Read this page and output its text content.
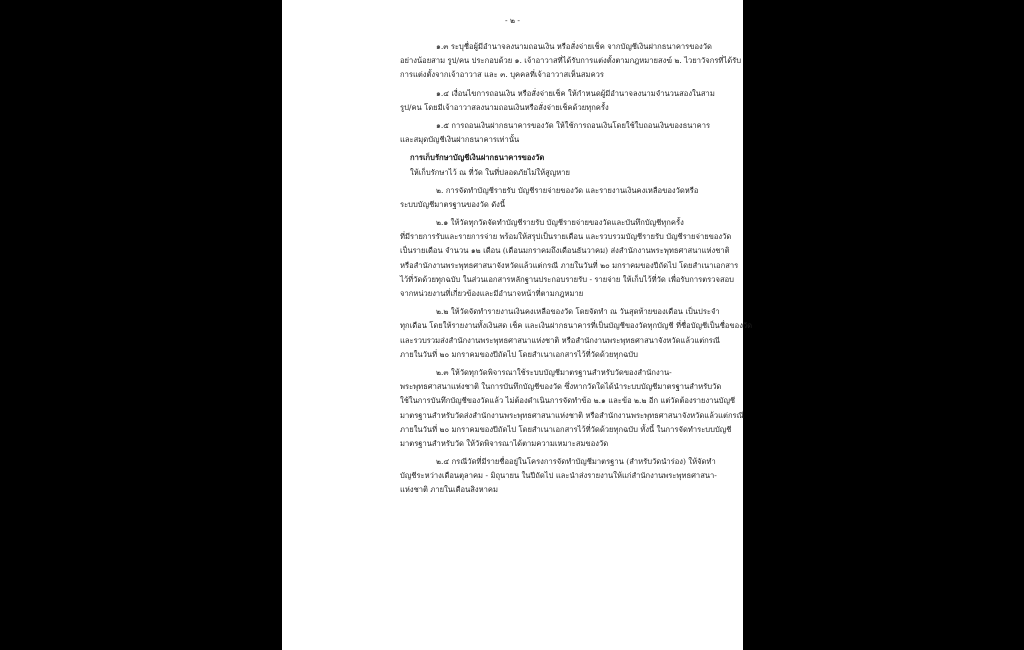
- ๒ -
๑.๓ ระบุชื่อผู้มีอำนาจลงนามถอนเงิน หรือสั่งจ่ายเช็ค จากบัญชีเงินฝากธนาคารของวัด
อย่างน้อยสาม รูป/คน ประกอบด้วย ๑. เจ้าอาวาสที่ได้รับการแต่งตั้งตามกฎหมายสงฆ์ ๒. ไวยาวัจกรที่ได้รับ
การแต่งตั้งจากเจ้าอาวาส และ ๓. บุคคลที่เจ้าอาวาสเห็นสมควร
๑.๔ เงื่อนไขการถอนเงิน หรือสั่งจ่ายเช็ค ให้กำหนดผู้มีอำนาจลงนามจำนวนสองในสาม
รูป/คน โดยมีเจ้าอาวาสลงนามถอนเงินหรือสั่งจ่ายเช็คด้วยทุกครั้ง
๑.๕ การถอนเงินฝากธนาคารของวัด ให้ใช้การถอนเงินโดยใช้ใบถอนเงินของธนาคาร
และสมุดบัญชีเงินฝากธนาคารเท่านั้น
การเก็บรักษาบัญชีเงินฝากธนาคารของวัด
ให้เก็บรักษาไว้ ณ ที่วัด ในที่ปลอดภัยไม่ให้สูญหาย
๒. การจัดทำบัญชีรายรับ บัญชีรายจ่ายของวัด และรายงานเงินคงเหลือของวัดหรือ
ระบบบัญชีมาตรฐานของวัด ดังนี้
๒.๑ ให้วัดทุกวัดจัดทำบัญชีรายรับ บัญชีรายจ่ายของวัดและบันทึกบัญชีทุกครั้ง
ที่มีรายการรับและรายการจ่าย พร้อมให้สรุปเป็นรายเดือน และรวบรวมบัญชีรายรับ บัญชีรายจ่ายของวัด
เป็นรายเดือน จำนวน ๑๒ เดือน (เดือนมกราคมถึงเดือนธันวาคม) ส่งสำนักงานพระพุทธศาสนาแห่งชาติ
หรือสำนักงานพระพุทธศาสนาจังหวัดแล้วแต่กรณี ภายในวันที่ ๒๐ มกราคมของปีถัดไป โดยสำเนาเอกสาร
ไว้ที่วัดด้วยทุกฉบับ ในส่วนเอกสารหลักฐานประกอบรายรับ - รายจ่าย ให้เก็บไว้ที่วัด เพื่อรับการตรวจสอบ
จากหน่วยงานที่เกี่ยวข้องและมีอำนาจหน้าที่ตามกฎหมาย
๒.๒ ให้วัดจัดทำรายงานเงินคงเหลือของวัด โดยจัดทำ ณ วันสุดท้ายของเดือน เป็นประจำ
ทุกเดือน โดยให้รายงานทั้งเงินสด เช็ค และเงินฝากธนาคารที่เป็นบัญชีของวัดทุกบัญชี ที่ชื่อบัญชีเป็นชื่อของวัด
และรวบรวมส่งสำนักงานพระพุทธศาสนาแห่งชาติ หรือสำนักงานพระพุทธศาสนาจังหวัดแล้วแต่กรณี
ภายในวันที่ ๒๐ มกราคมของปีถัดไป โดยสำเนาเอกสารไว้ที่วัดด้วยทุกฉบับ
๒.๓ ให้วัดทุกวัดพิจารณาใช้ระบบบัญชีมาตรฐานสำหรับวัดของสำนักงาน-
พระพุทธศาสนาแห่งชาติ ในการบันทึกบัญชีของวัด ซึ่งหากวัดใดได้นำระบบบัญชีมาตรฐานสำหรับวัด
ใช้ในการบันทึกบัญชีของวัดแล้ว ไม่ต้องดำเนินการจัดทำข้อ ๒.๑ และข้อ ๒.๒ อีก แต่วัดต้องรายงานบัญชี
มาตรฐานสำหรับวัดส่งสำนักงานพระพุทธศาสนาแห่งชาติ หรือสำนักงานพระพุทธศาสนาจังหวัดแล้วแต่กรณี
ภายในวันที่ ๒๐ มกราคมของปีถัดไป โดยสำเนาเอกสารไว้ที่วัดด้วยทุกฉบับ ทั้งนี้ ในการจัดทำระบบบัญชี
มาตรฐานสำหรับวัด ให้วัดพิจารณาได้ตามความเหมาะสมของวัด
๒.๔ กรณีวัดที่มีรายชื่ออยู่ในโครงการจัดทำบัญชีมาตรฐาน (สำหรับวัดนำร่อง) ให้จัดทำ
บัญชีระหว่างเดือนตุลาคม - มิถุนายน ในปีถัดไป และนำส่งรายงานให้แก่สำนักงานพระพุทธศาสนา-
แห่งชาติ ภายในเดือนสิงหาคม
